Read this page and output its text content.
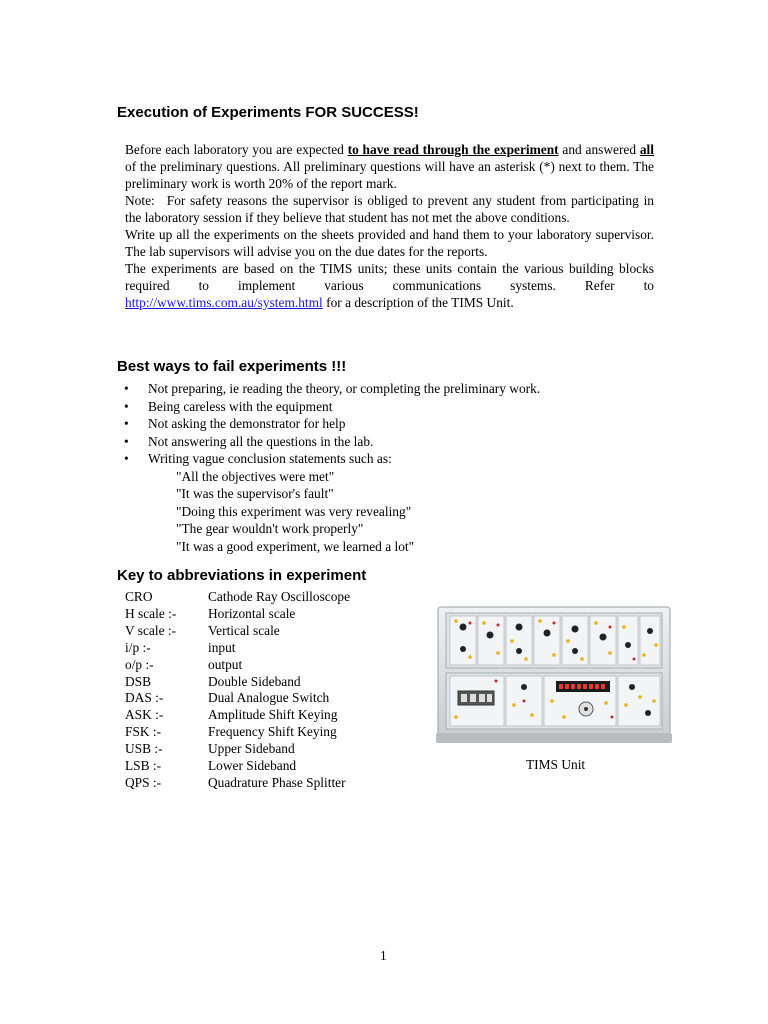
Execution of Experiments FOR SUCCESS!

Before each laboratory you are expected to have read through the experiment and answered all of the preliminary questions. All preliminary questions will have an asterisk (*) next to them. The preliminary work is worth 20% of the report mark.

Note: For safety reasons the supervisor is obliged to prevent any student from participating in the laboratory session if they believe that student has not met the above conditions.

Write up all the experiments on the sheets provided and hand them to your laboratory supervisor. The lab supervisors will advise you on the due dates for the reports.

The experiments are based on the TIMS units; these units contain the various building blocks required to implement various communications systems. Refer to http://www.tims.com.au/system.html for a description of the TIMS Unit.

Best ways to fail experiments !!!
• Not preparing, ie reading the theory, or completing the preliminary work.
• Being careless with the equipment
• Not asking the demonstrator for help
• Not answering all the questions in the lab.
• Writing vague conclusion statements such as:
"All the objectives were met"
"It was the supervisor's fault"
"Doing this experiment was very revealing"
"The gear wouldn't work properly"
"It was a good experiment, we learned a lot"
Key to abbreviations in experiment
CRO	Cathode Ray Oscilloscope
H scale :-	Horizontal scale
V scale :-	Vertical scale
i/p :-	input
o/p :-	output
DSB	Double Sideband
DAS :-	Dual Analogue Switch
ASK :-	Amplitude Shift Keying
FSK :-	Frequency Shift Keying
USB :-	Upper Sideband
LSB :-	Lower Sideband
QPS :-	Quadrature Phase Splitter
TIMS Unit
1
